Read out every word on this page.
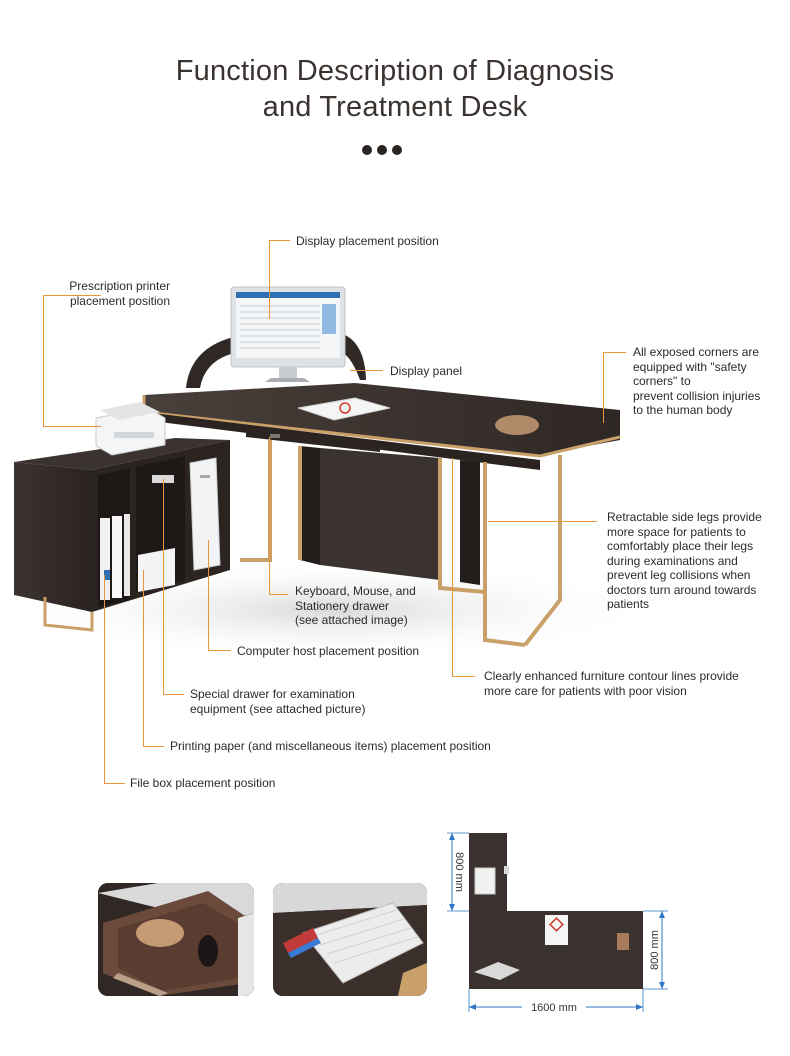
Function Description of Diagnosis
and Treatment Desk
Display placement position
Prescription printer
placement position
Display panel
All exposed corners are
equipped with "safety
corners" to
prevent collision injuries
to the human body
Retractable side legs provide
more space for patients to
comfortably place their legs
during examinations and
prevent leg collisions when
doctors turn around towards
patients
Keyboard, Mouse, and
Stationery drawer
(see attached image)
Computer host placement position
Clearly enhanced furniture contour lines provide
more care for patients with poor vision
Special drawer for examination
equipment (see attached picture)
Printing paper (and miscellaneous items) placement position
File box placement position
800 mm
800 mm
1600 mm
